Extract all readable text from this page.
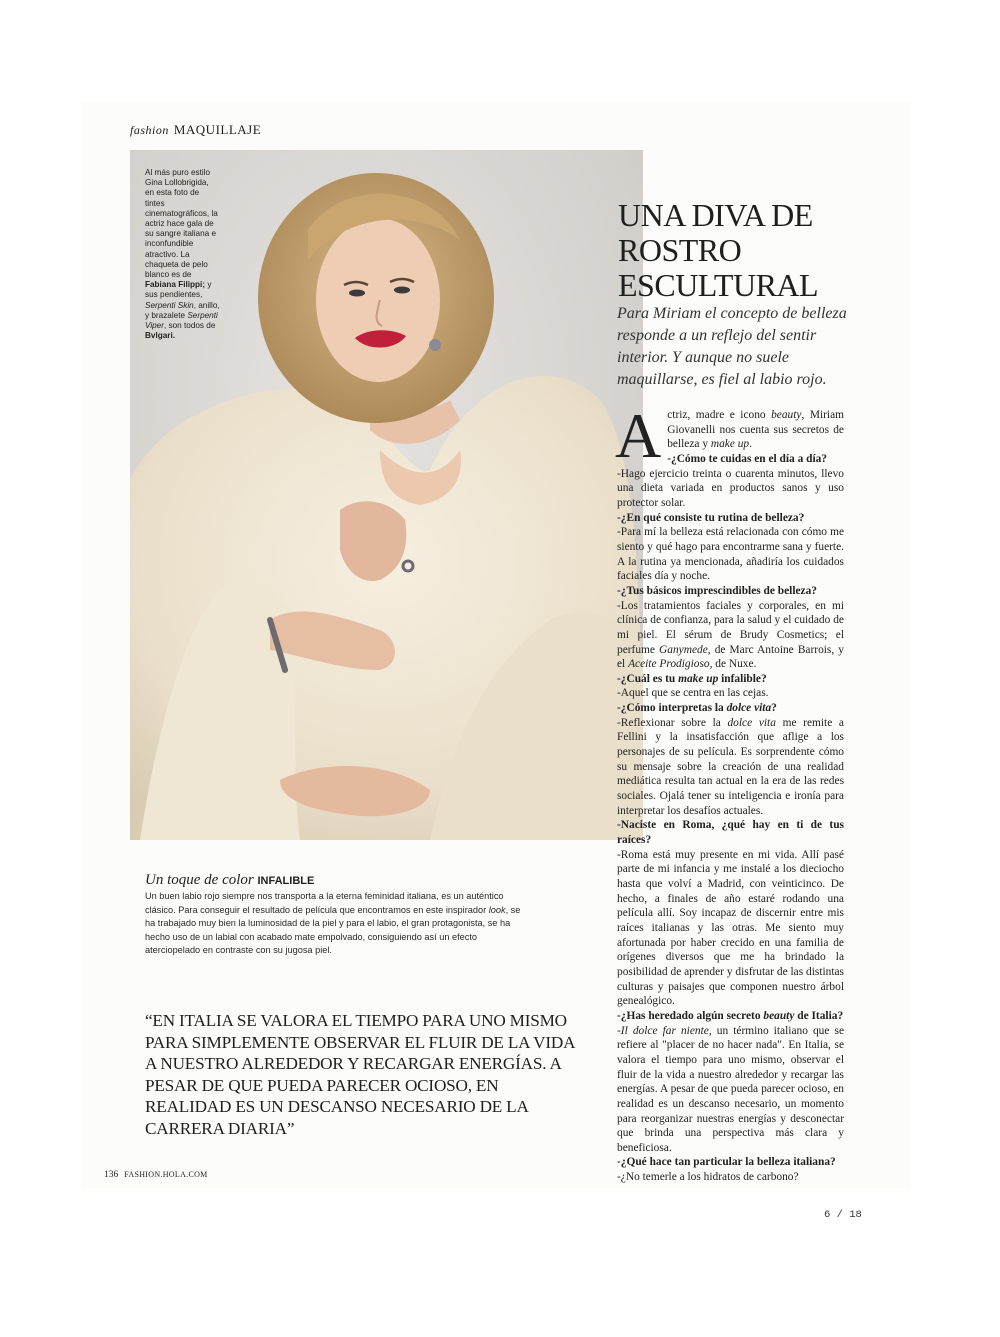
fashion MAQUILLAJE
Al más puro estilo Gina Lollobrigida, en esta foto de tintes cinematográficos, la actriz hace gala de su sangre italiana e inconfundible atractivo. La chaqueta de pelo blanco es de Fabiana Filippi; y sus pendientes, Serpenti Skin, anillo, y brazalete Serpenti Viper, son todos de Bvlgari.
UNA DIVA DE ROSTRO ESCULTURAL
Para Miriam el concepto de belleza responde a un reflejo del sentir interior. Y aunque no suele maquillarse, es fiel al labio rojo.
A ctriz, madre e icono beauty, Miriam Giovanelli nos cuenta sus secretos de belleza y make up.

-¿Cómo te cuidas en el día a día?

-Hago ejercicio treinta o cuarenta minutos, llevo una dieta variada en productos sanos y uso protector solar.

-¿En qué consiste tu rutina de belleza?

-Para mí la belleza está relacionada con cómo me siento y qué hago para encontrarme sana y fuerte. A la rutina ya mencionada, añadiría los cuidados faciales día y noche.

-¿Tus básicos imprescindibles de belleza?

-Los tratamientos faciales y corporales, en mi clínica de confianza, para la salud y el cuidado de mi piel. El sérum de Brudy Cosmetics; el perfume Ganymede, de Marc Antoine Barrois, y el Aceite Prodigioso, de Nuxe.

-¿Cuál es tu make up infalible?

-Aquel que se centra en las cejas.

-¿Cómo interpretas la dolce vita?

-Reflexionar sobre la dolce vita me remite a Fellini y la insatisfacción que aflige a los personajes de su película. Es sorprendente cómo su mensaje sobre la creación de una realidad mediática resulta tan actual en la era de las redes sociales. Ojalá tener su inteligencia e ironía para interpretar los desafíos actuales.

-Naciste en Roma, ¿qué hay en ti de tus raíces?

-Roma está muy presente en mi vida. Allí pasé parte de mi infancia y me instalé a los dieciocho hasta que volví a Madrid, con veinticinco. De hecho, a finales de año estaré rodando una película allí. Soy incapaz de discernir entre mis raíces italianas y las otras. Me siento muy afortunada por haber crecido en una familia de orígenes diversos que me ha brindado la posibilidad de aprender y disfrutar de las distintas culturas y paisajes que componen nuestro árbol genealógico.

-¿Has heredado algún secreto beauty de Italia?

-Il dolce far niente, un término italiano que se refiere al "placer de no hacer nada". En Italia, se valora el tiempo para uno mismo, observar el fluir de la vida a nuestro alrededor y recargar las energías. A pesar de que pueda parecer ocioso, en realidad es un descanso necesario, un momento para reorganizar nuestras energías y desconectar que brinda una perspectiva más clara y beneficiosa.

-¿Qué hace tan particular la belleza italiana?

-¿No temerle a los hidratos de carbono?

Un toque de color INFALIBLE
Un buen labio rojo siempre nos transporta a la eterna feminidad italiana, es un auténtico clásico. Para conseguir el resultado de película que encontramos en este inspirador look, se ha trabajado muy bien la luminosidad de la piel y para el labio, el gran protagonista, se ha hecho uso de un labial con acabado mate empolvado, consiguiendo así un efecto aterciopelado en contraste con su jugosa piel.
“EN ITALIA SE VALORA EL TIEMPO PARA UNO MISMO PARA SIMPLEMENTE OBSERVAR EL FLUIR DE LA VIDA A NUESTRO ALREDEDOR Y RECARGAR ENERGÍAS. A PESAR DE QUE PUEDA PARECER OCIOSO, EN REALIDAD ES UN DESCANSO NECESARIO DE LA CARRERA DIARIA”
136 FASHION.HOLA.COM
6 / 18
